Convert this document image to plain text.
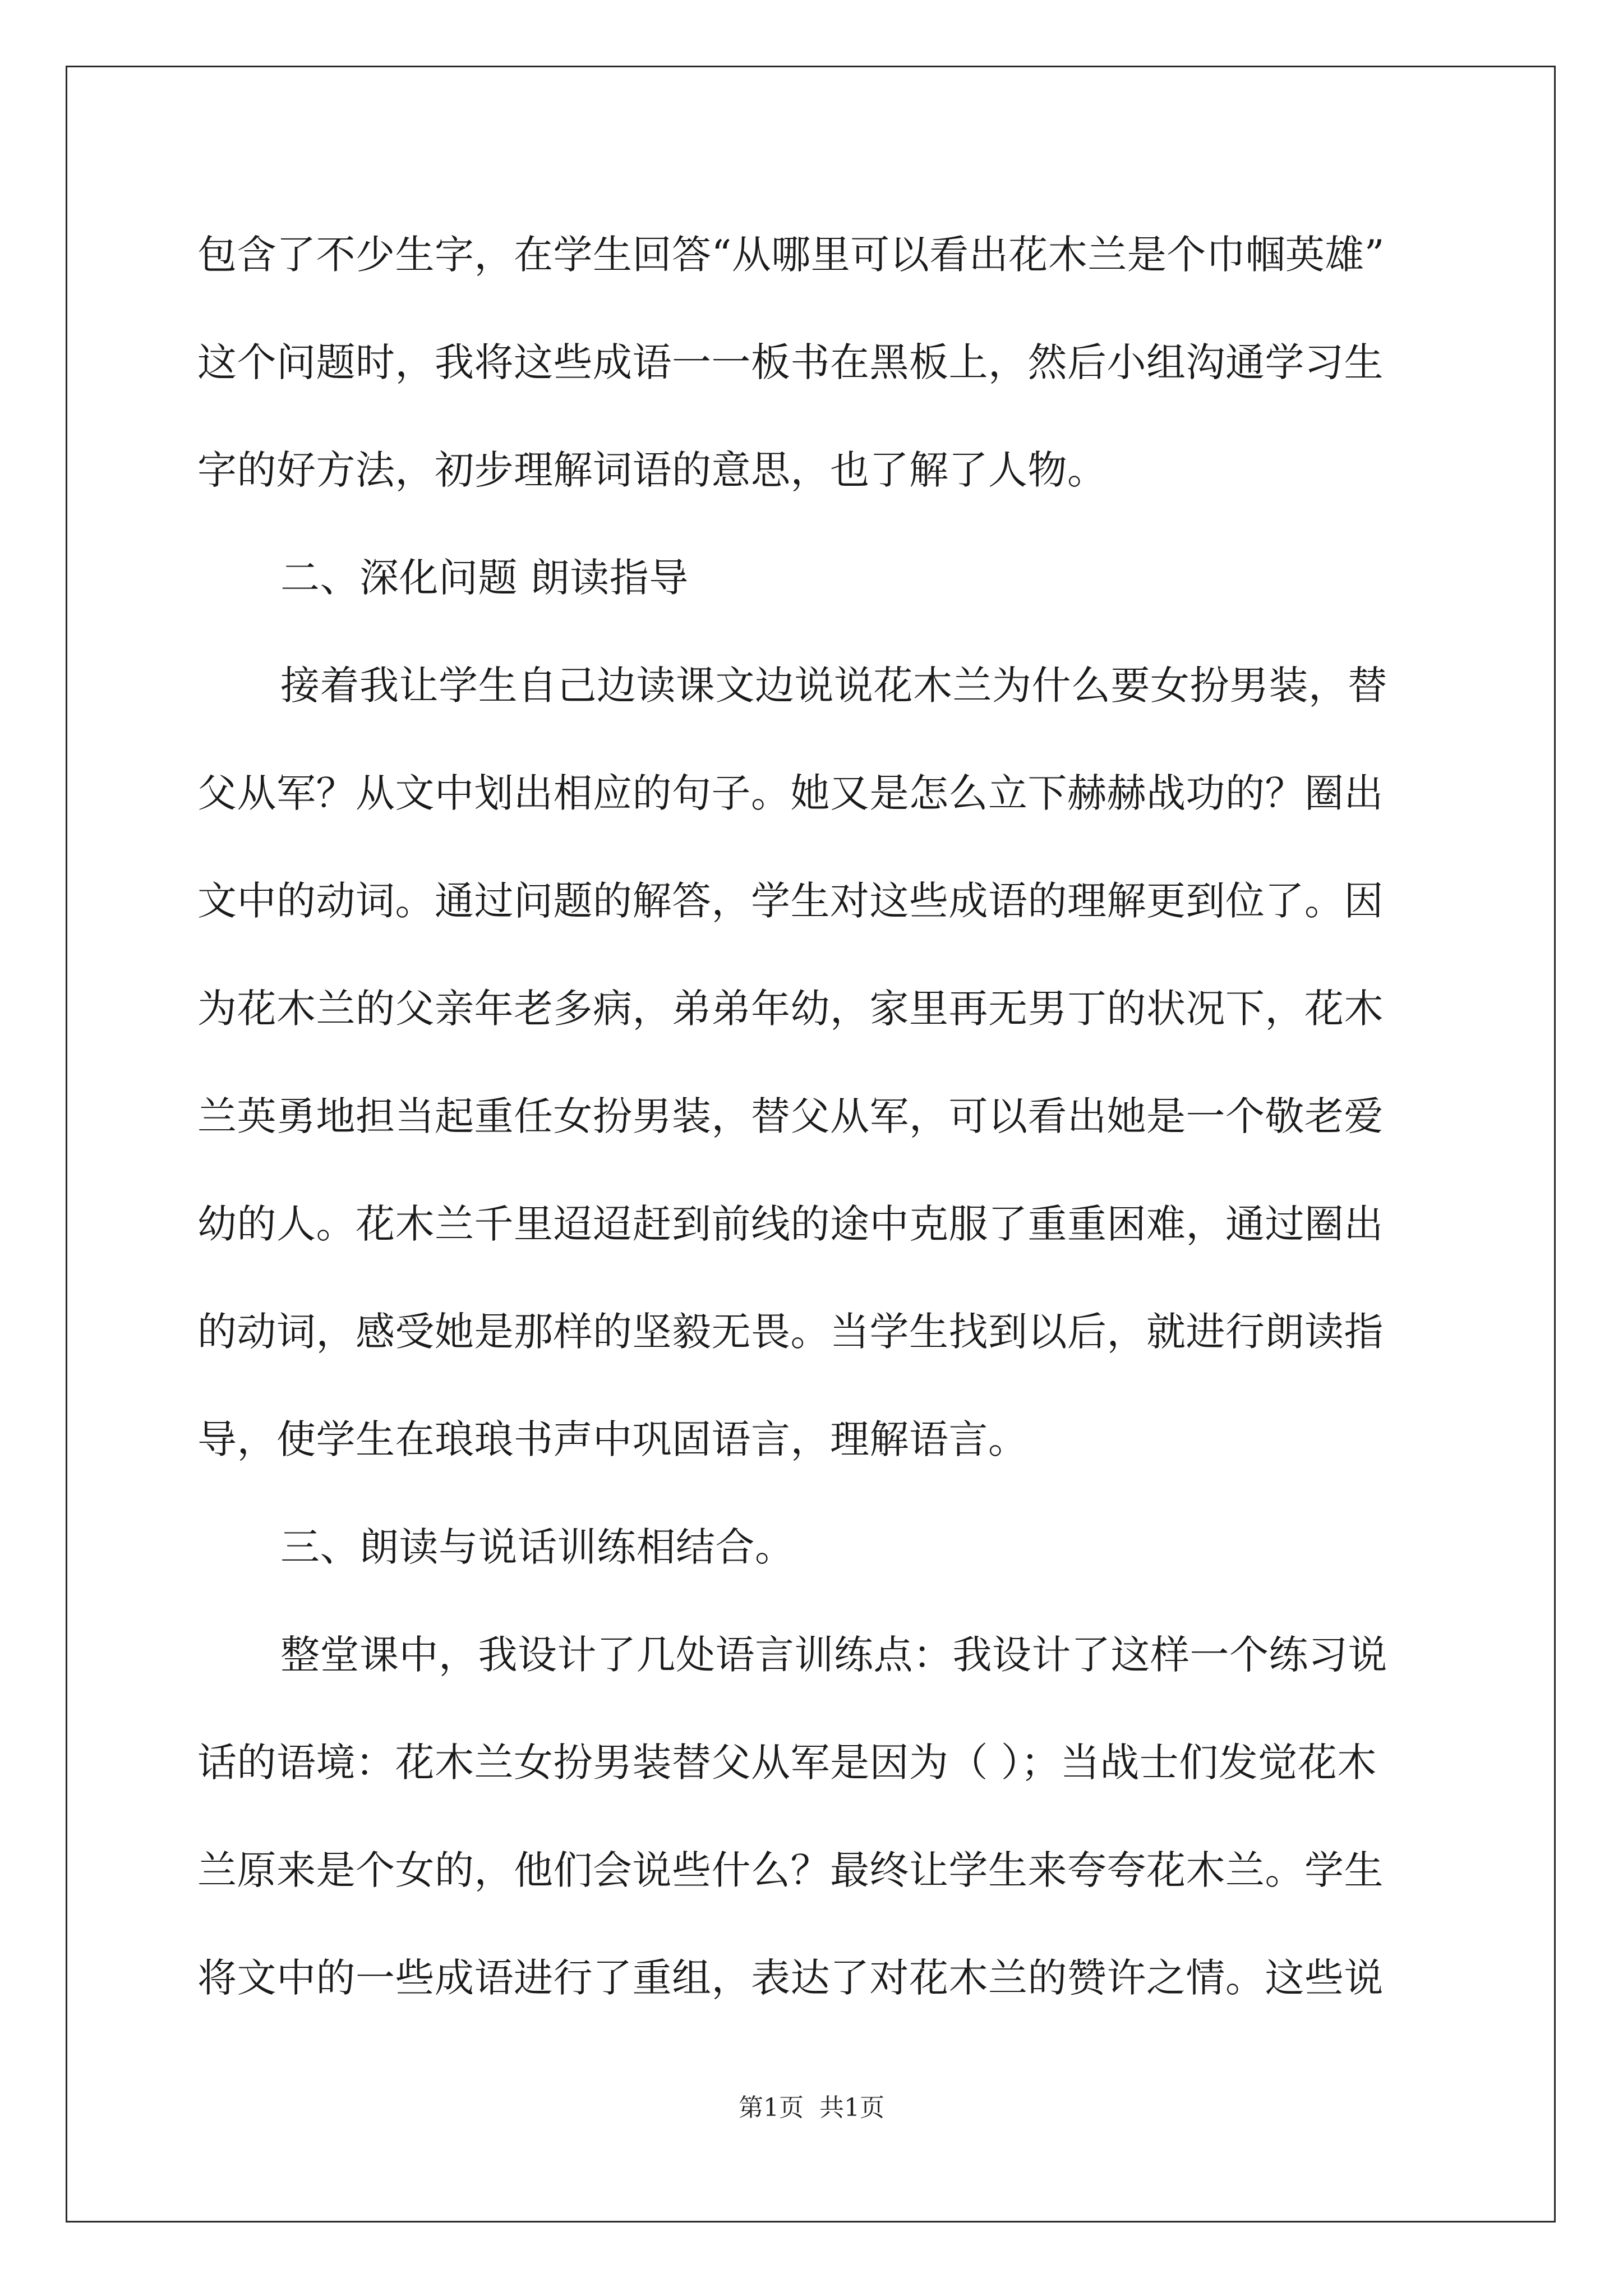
包含了不少生字，在学生回答“从哪里可以看出花木兰是个巾帼英雄”
这个问题时，我将这些成语一一板书在黑板上，然后小组沟通学习生
字的好方法，初步理解词语的意思，也了解了人物。
二、深化问题 朗读指导
接着我让学生自己边读课文边说说花木兰为什么要女扮男装，替
父从军？从文中划出相应的句子。她又是怎么立下赫赫战功的？圈出
文中的动词。通过问题的解答，学生对这些成语的理解更到位了。因
为花木兰的父亲年老多病，弟弟年幼，家里再无男丁的状况下，花木
兰英勇地担当起重任女扮男装，替父从军，可以看出她是一个敬老爱
幼的人。花木兰千里迢迢赶到前线的途中克服了重重困难，通过圈出
的动词，感受她是那样的坚毅无畏。当学生找到以后，就进行朗读指
导，使学生在琅琅书声中巩固语言，理解语言。
三、朗读与说话训练相结合。
整堂课中，我设计了几处语言训练点：我设计了这样一个练习说
话的语境：花木兰女扮男装替父从军是因为（ ）；当战士们发觉花木
兰原来是个女的，他们会说些什么？最终让学生来夸夸花木兰。学生
将文中的一些成语进行了重组，表达了对花木兰的赞许之情。这些说
第1页 共1页
